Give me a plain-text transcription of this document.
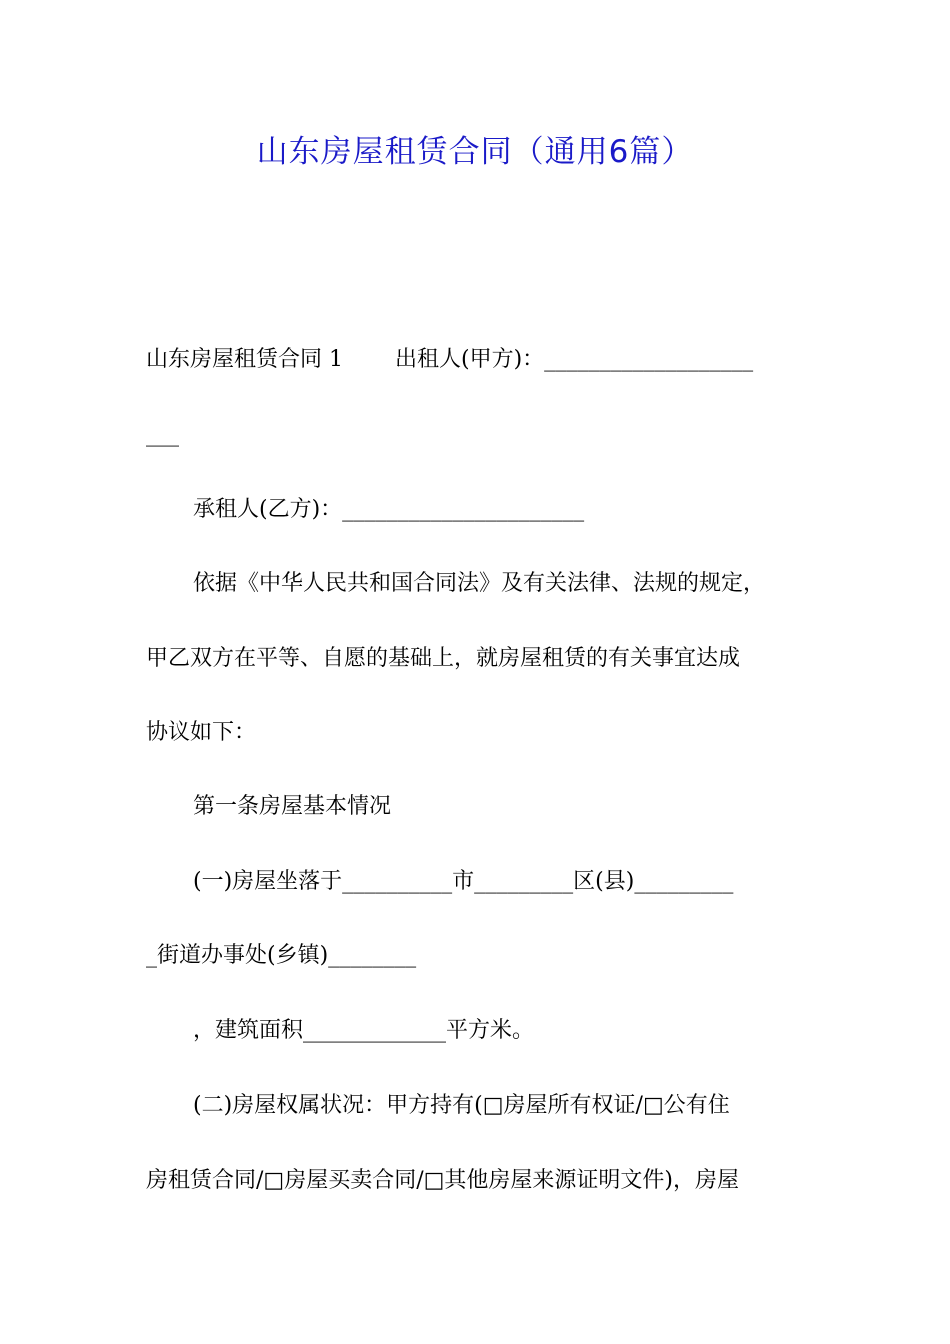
山东房屋租赁合同（通用6篇）

山东房屋租赁合同 1 出租人(甲方)：___________________

___

承租人(乙方)：______________________

依据《中华人民共和国合同法》及有关法律、法规的规定，

甲乙双方在平等、自愿的基础上，就房屋租赁的有关事宜达成

协议如下：

第一条房屋基本情况

(一)房屋坐落于__________市_________区(县)_________

_街道办事处(乡镇)________

，建筑面积_____________平方米。

(二)房屋权属状况：甲方持有(□房屋所有权证/□公有住

房租赁合同/□房屋买卖合同/□其他房屋来源证明文件)，房屋
